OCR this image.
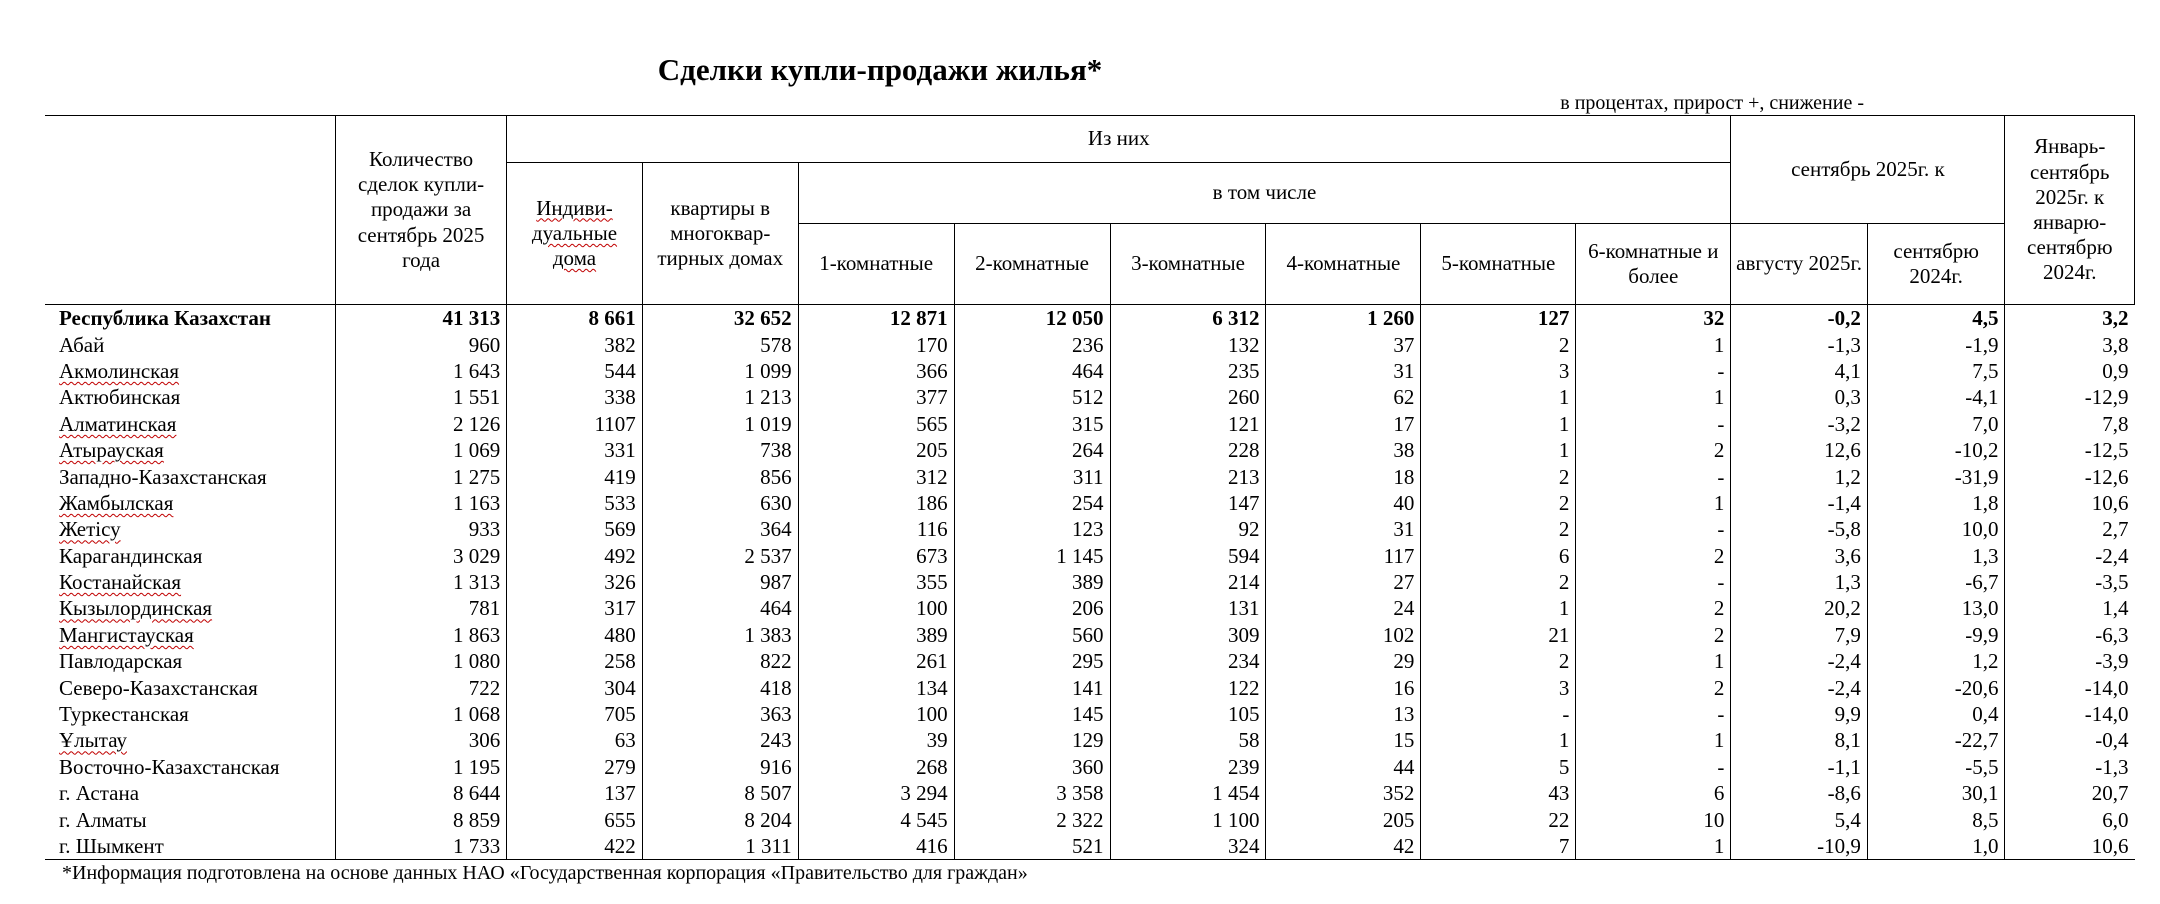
Сделки купли-продажи жилья*
в процентах, прирост +, снижение -
	Количество сделок купли-продажи за сентябрь 2025 года	Из них								сентябрь 2025г. к		Январь-сентябрь 2025г. к январю-сентябрю 2024г.
		Индиви-дуальные дома	квартиры в многоквар-тирных домах	в том числе								
				1-комнатные	2-комнатные	3-комнатные	4-комнатные	5-комнатные	6-комнатные и более	августу 2025г.	сентябрю 2024г.	
Республика Казахстан	41 313	8 661	32 652	12 871	12 050	6 312	1 260	127	32	-0,2	4,5	3,2
Абай	960	382	578	170	236	132	37	2	1	-1,3	-1,9	3,8
Акмолинская	1 643	544	1 099	366	464	235	31	3	-	4,1	7,5	0,9
Актюбинская	1 551	338	1 213	377	512	260	62	1	1	0,3	-4,1	-12,9
Алматинская	2 126	1107	1 019	565	315	121	17	1	-	-3,2	7,0	7,8
Атырауская	1 069	331	738	205	264	228	38	1	2	12,6	-10,2	-12,5
Западно-Казахстанская	1 275	419	856	312	311	213	18	2	-	1,2	-31,9	-12,6
Жамбылская	1 163	533	630	186	254	147	40	2	1	-1,4	1,8	10,6
Жетісу	933	569	364	116	123	92	31	2	-	-5,8	10,0	2,7
Карагандинская	3 029	492	2 537	673	1 145	594	117	6	2	3,6	1,3	-2,4
Костанайская	1 313	326	987	355	389	214	27	2	-	1,3	-6,7	-3,5
Кызылординская	781	317	464	100	206	131	24	1	2	20,2	13,0	1,4
Мангистауская	1 863	480	1 383	389	560	309	102	21	2	7,9	-9,9	-6,3
Павлодарская	1 080	258	822	261	295	234	29	2	1	-2,4	1,2	-3,9
Северо-Казахстанская	722	304	418	134	141	122	16	3	2	-2,4	-20,6	-14,0
Туркестанская	1 068	705	363	100	145	105	13	-	-	9,9	0,4	-14,0
Ұлытау	306	63	243	39	129	58	15	1	1	8,1	-22,7	-0,4
Восточно-Казахстанская	1 195	279	916	268	360	239	44	5	-	-1,1	-5,5	-1,3
г. Астана	8 644	137	8 507	3 294	3 358	1 454	352	43	6	-8,6	30,1	20,7
г. Алматы	8 859	655	8 204	4 545	2 322	1 100	205	22	10	5,4	8,5	6,0
г. Шымкент	1 733	422	1 311	416	521	324	42	7	1	-10,9	1,0	10,6
*Информация подготовлена на основе данных НАО «Государственная корпорация «Правительство для граждан»
